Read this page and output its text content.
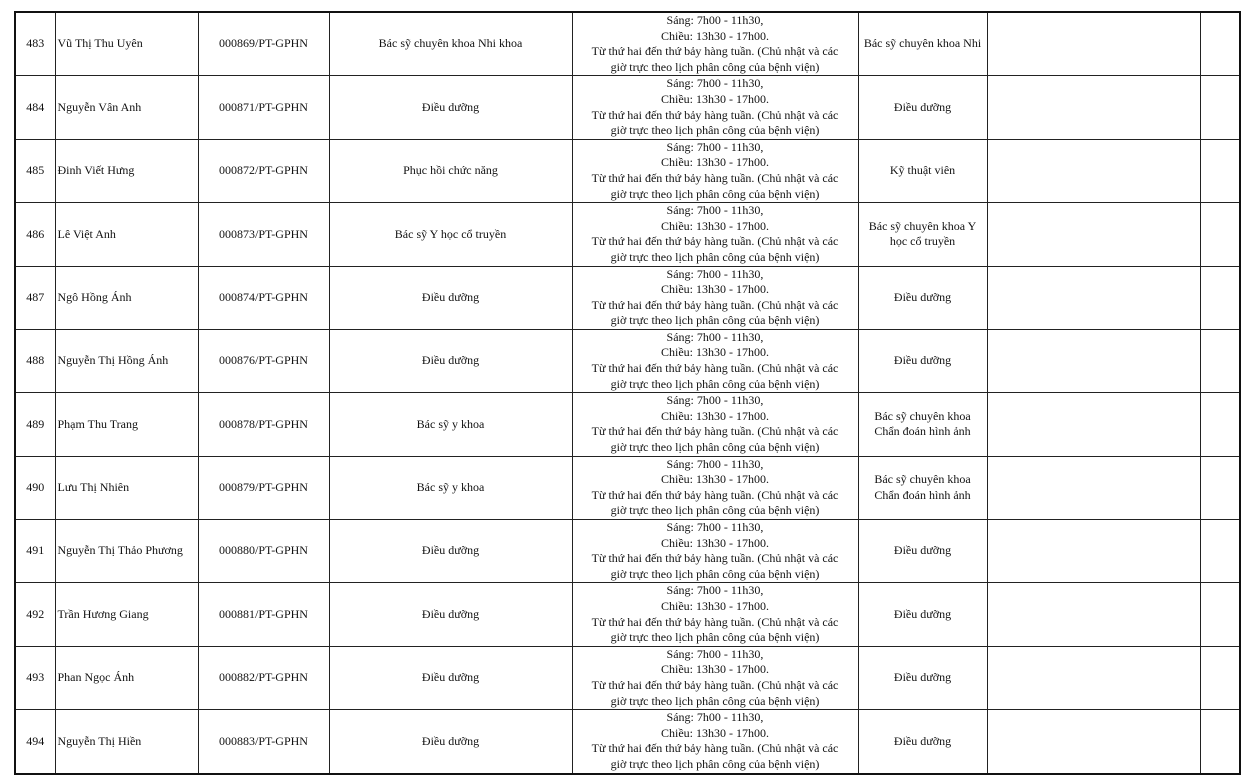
483	Vũ Thị Thu Uyên	000869/PT-GPHN	Bác sỹ chuyên khoa Nhi khoa	Sáng: 7h00 - 11h30,
Chiều: 13h30 - 17h00.
Từ thứ hai đến thứ bảy hàng tuần. (Chủ nhật và các
giờ trực theo lịch phân công của bệnh viện)	Bác sỹ chuyên khoa Nhi		
484	Nguyễn Vân Anh	000871/PT-GPHN	Điều dưỡng	Sáng: 7h00 - 11h30,
Chiều: 13h30 - 17h00.
Từ thứ hai đến thứ bảy hàng tuần. (Chủ nhật và các
giờ trực theo lịch phân công của bệnh viện)	Điều dưỡng		
485	Đinh Viết Hưng	000872/PT-GPHN	Phục hồi chức năng	Sáng: 7h00 - 11h30,
Chiều: 13h30 - 17h00.
Từ thứ hai đến thứ bảy hàng tuần. (Chủ nhật và các
giờ trực theo lịch phân công của bệnh viện)	Kỹ thuật viên		
486	Lê Việt Anh	000873/PT-GPHN	Bác sỹ Y học cổ truyền	Sáng: 7h00 - 11h30,
Chiều: 13h30 - 17h00.
Từ thứ hai đến thứ bảy hàng tuần. (Chủ nhật và các
giờ trực theo lịch phân công của bệnh viện)	Bác sỹ chuyên khoa Y học cổ truyền		
487	Ngô Hồng Ánh	000874/PT-GPHN	Điều dưỡng	Sáng: 7h00 - 11h30,
Chiều: 13h30 - 17h00.
Từ thứ hai đến thứ bảy hàng tuần. (Chủ nhật và các
giờ trực theo lịch phân công của bệnh viện)	Điều dưỡng		
488	Nguyễn Thị Hồng Ánh	000876/PT-GPHN	Điều dưỡng	Sáng: 7h00 - 11h30,
Chiều: 13h30 - 17h00.
Từ thứ hai đến thứ bảy hàng tuần. (Chủ nhật và các
giờ trực theo lịch phân công của bệnh viện)	Điều dưỡng		
489	Phạm Thu Trang	000878/PT-GPHN	Bác sỹ y khoa	Sáng: 7h00 - 11h30,
Chiều: 13h30 - 17h00.
Từ thứ hai đến thứ bảy hàng tuần. (Chủ nhật và các
giờ trực theo lịch phân công của bệnh viện)	Bác sỹ chuyên khoa Chẩn đoán hình ảnh		
490	Lưu Thị Nhiên	000879/PT-GPHN	Bác sỹ y khoa	Sáng: 7h00 - 11h30,
Chiều: 13h30 - 17h00.
Từ thứ hai đến thứ bảy hàng tuần. (Chủ nhật và các
giờ trực theo lịch phân công của bệnh viện)	Bác sỹ chuyên khoa Chẩn đoán hình ảnh		
491	Nguyễn Thị Thảo Phương	000880/PT-GPHN	Điều dưỡng	Sáng: 7h00 - 11h30,
Chiều: 13h30 - 17h00.
Từ thứ hai đến thứ bảy hàng tuần. (Chủ nhật và các
giờ trực theo lịch phân công của bệnh viện)	Điều dưỡng		
492	Trần Hương Giang	000881/PT-GPHN	Điều dưỡng	Sáng: 7h00 - 11h30,
Chiều: 13h30 - 17h00.
Từ thứ hai đến thứ bảy hàng tuần. (Chủ nhật và các
giờ trực theo lịch phân công của bệnh viện)	Điều dưỡng		
493	Phan Ngọc Ánh	000882/PT-GPHN	Điều dưỡng	Sáng: 7h00 - 11h30,
Chiều: 13h30 - 17h00.
Từ thứ hai đến thứ bảy hàng tuần. (Chủ nhật và các
giờ trực theo lịch phân công của bệnh viện)	Điều dưỡng		
494	Nguyễn Thị Hiền	000883/PT-GPHN	Điều dưỡng	Sáng: 7h00 - 11h30,
Chiều: 13h30 - 17h00.
Từ thứ hai đến thứ bảy hàng tuần. (Chủ nhật và các
giờ trực theo lịch phân công của bệnh viện)	Điều dưỡng		
